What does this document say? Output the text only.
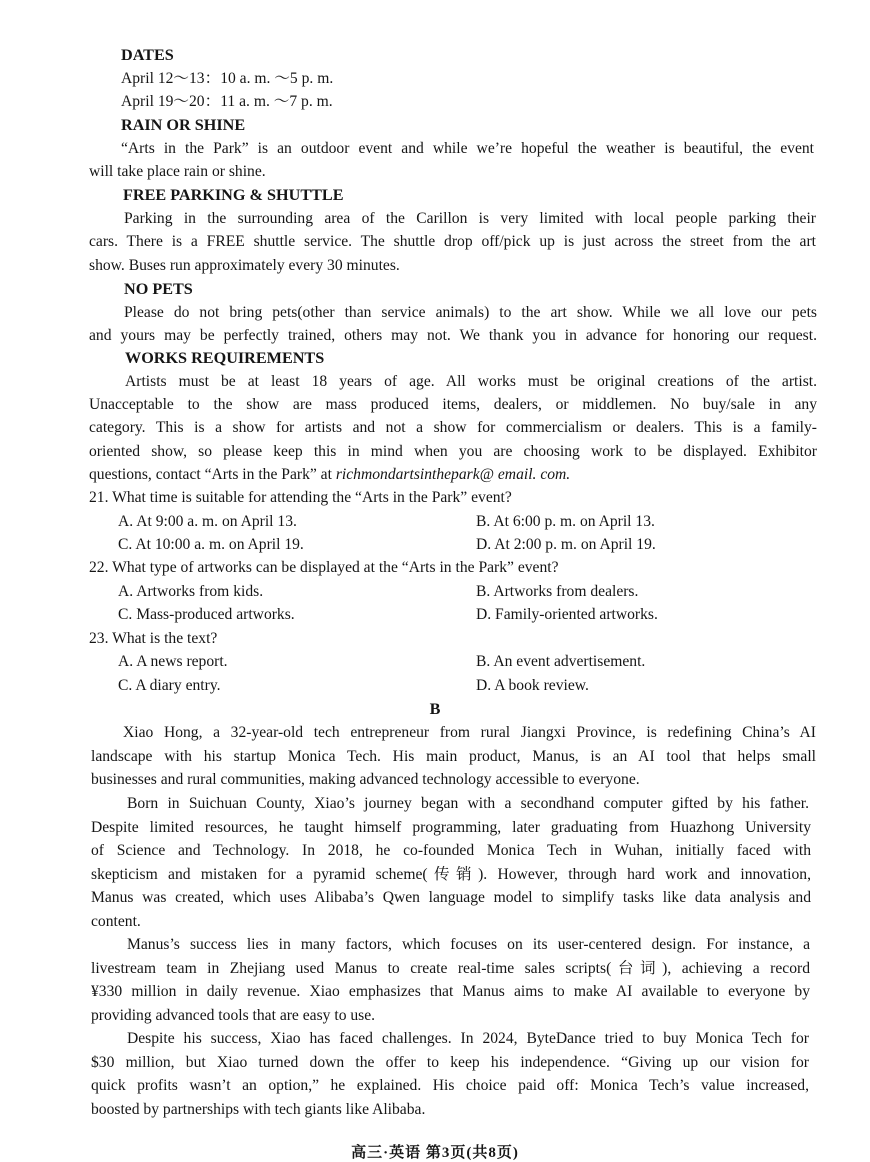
DATES
April 12～13：10 a. m. ～5 p. m.
April 19～20：11 a. m. ～7 p. m.
RAIN OR SHINE
“Arts in the Park” is an outdoor event and while we’re hopeful the weather is beautiful, the event
will take place rain or shine.
FREE PARKING & SHUTTLE
Parking in the surrounding area of the Carillon is very limited with local people parking their
cars. There is a FREE shuttle service. The shuttle drop off/pick up is just across the street from the art
show. Buses run approximately every 30 minutes.
NO PETS
Please do not bring pets(other than service animals) to the art show. While we all love our pets
and yours may be perfectly trained, others may not. We thank you in advance for honoring our request.
WORKS REQUIREMENTS
Artists must be at least 18 years of age. All works must be original creations of the artist.
Unacceptable to the show are mass produced items, dealers, or middlemen. No buy/sale in any
category. This is a show for artists and not a show for commercialism or dealers. This is a family-
oriented show, so please keep this in mind when you are choosing work to be displayed. Exhibitor
questions, contact “Arts in the Park” at richmondartsinthepark@ email. com.
21. What time is suitable for attending the “Arts in the Park” event?
A. At 9:00 a. m. on April 13.	B. At 6:00 p. m. on April 13.
C. At 10:00 a. m. on April 19.	D. At 2:00 p. m. on April 19.
22. What type of artworks can be displayed at the “Arts in the Park” event?
A. Artworks from kids.	B. Artworks from dealers.
C. Mass-produced artworks.	D. Family-oriented artworks.
23. What is the text?
A. A news report.	B. An event advertisement.
C. A diary entry.	D. A book review.
B
Xiao Hong, a 32-year-old tech entrepreneur from rural Jiangxi Province, is redefining China’s AI
landscape with his startup Monica Tech. His main product, Manus, is an AI tool that helps small
businesses and rural communities, making advanced technology accessible to everyone.
Born in Suichuan County, Xiao’s journey began with a secondhand computer gifted by his father.
Despite limited resources, he taught himself programming, later graduating from Huazhong University
of Science and Technology. In 2018, he co-founded Monica Tech in Wuhan, initially faced with
skepticism and mistaken for a pyramid scheme(传销). However, through hard work and innovation,
Manus was created, which uses Alibaba’s Qwen language model to simplify tasks like data analysis and
content.
Manus’s success lies in many factors, which focuses on its user-centered design. For instance, a
livestream team in Zhejiang used Manus to create real-time sales scripts(台词), achieving a record
¥330 million in daily revenue. Xiao emphasizes that Manus aims to make AI available to everyone by
providing advanced tools that are easy to use.
Despite his success, Xiao has faced challenges. In 2024, ByteDance tried to buy Monica Tech for
$30 million, but Xiao turned down the offer to keep his independence. “Giving up our vision for
quick profits wasn’t an option,” he explained. His choice paid off: Monica Tech’s value increased,
boosted by partnerships with tech giants like Alibaba.
高三·英语 第3页(共8页)
